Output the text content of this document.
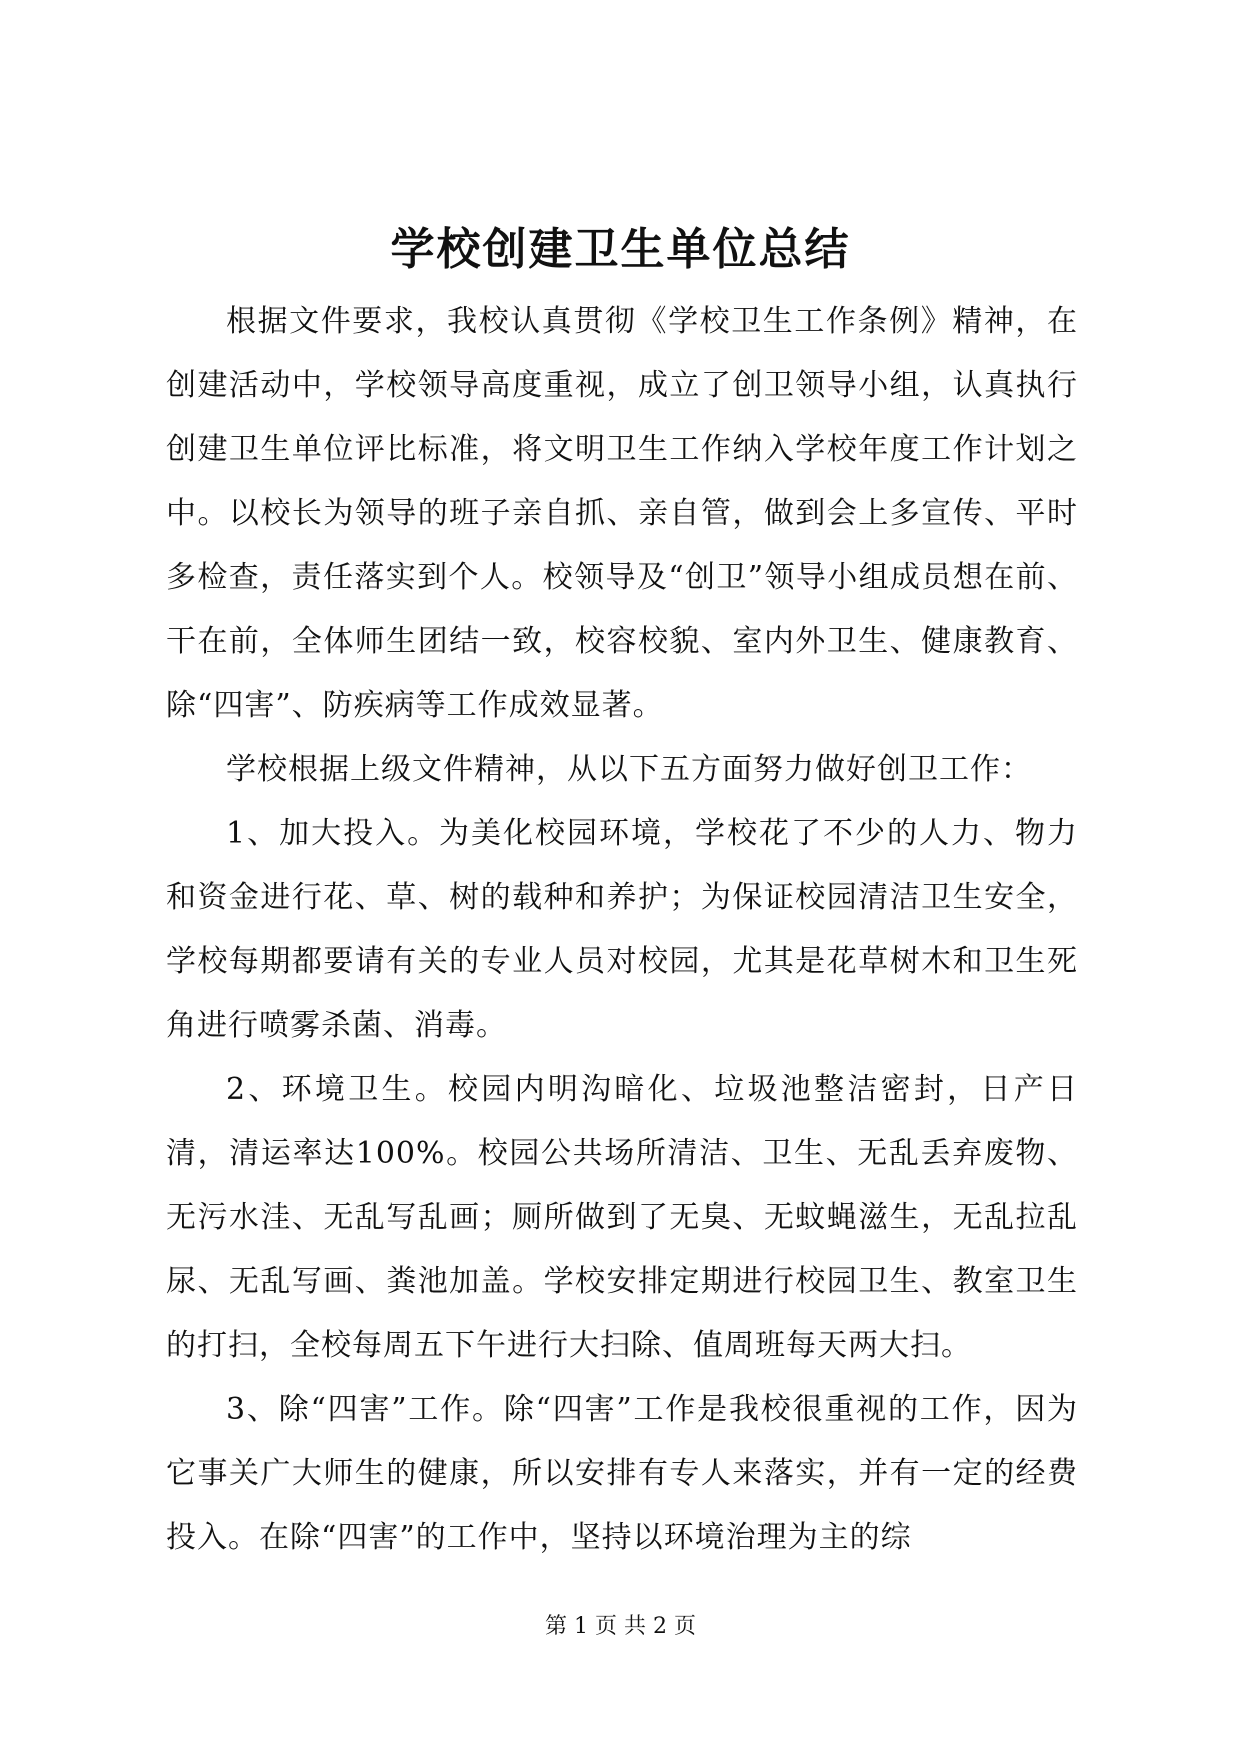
学校创建卫生单位总结

根据文件要求，我校认真贯彻《学校卫生工作条例》精神，在创建活动中，学校领导高度重视，成立了创卫领导小组，认真执行创建卫生单位评比标准，将文明卫生工作纳入学校年度工作计划之中。以校长为领导的班子亲自抓、亲自管，做到会上多宣传、平时多检查，责任落实到个人。校领导及“创卫”领导小组成员想在前、干在前，全体师生团结一致，校容校貌、室内外卫生、健康教育、除“四害”、防疾病等工作成效显著。

学校根据上级文件精神，从以下五方面努力做好创卫工作：

1、加大投入。为美化校园环境，学校花了不少的人力、物力和资金进行花、草、树的载种和养护；为保证校园清洁卫生安全，学校每期都要请有关的专业人员对校园，尤其是花草树木和卫生死角进行喷雾杀菌、消毒。

2、环境卫生。校园内明沟暗化、垃圾池整洁密封，日产日清，清运率达100%。校园公共场所清洁、卫生、无乱丢弃废物、无污水洼、无乱写乱画；厕所做到了无臭、无蚊蝇滋生，无乱拉乱尿、无乱写画、粪池加盖。学校安排定期进行校园卫生、教室卫生的打扫，全校每周五下午进行大扫除、值周班每天两大扫。

3、除“四害”工作。除“四害”工作是我校很重视的工作，因为它事关广大师生的健康，所以安排有专人来落实，并有一定的经费投入。在除“四害”的工作中，坚持以环境治理为主的综

第 1 页 共 2 页
